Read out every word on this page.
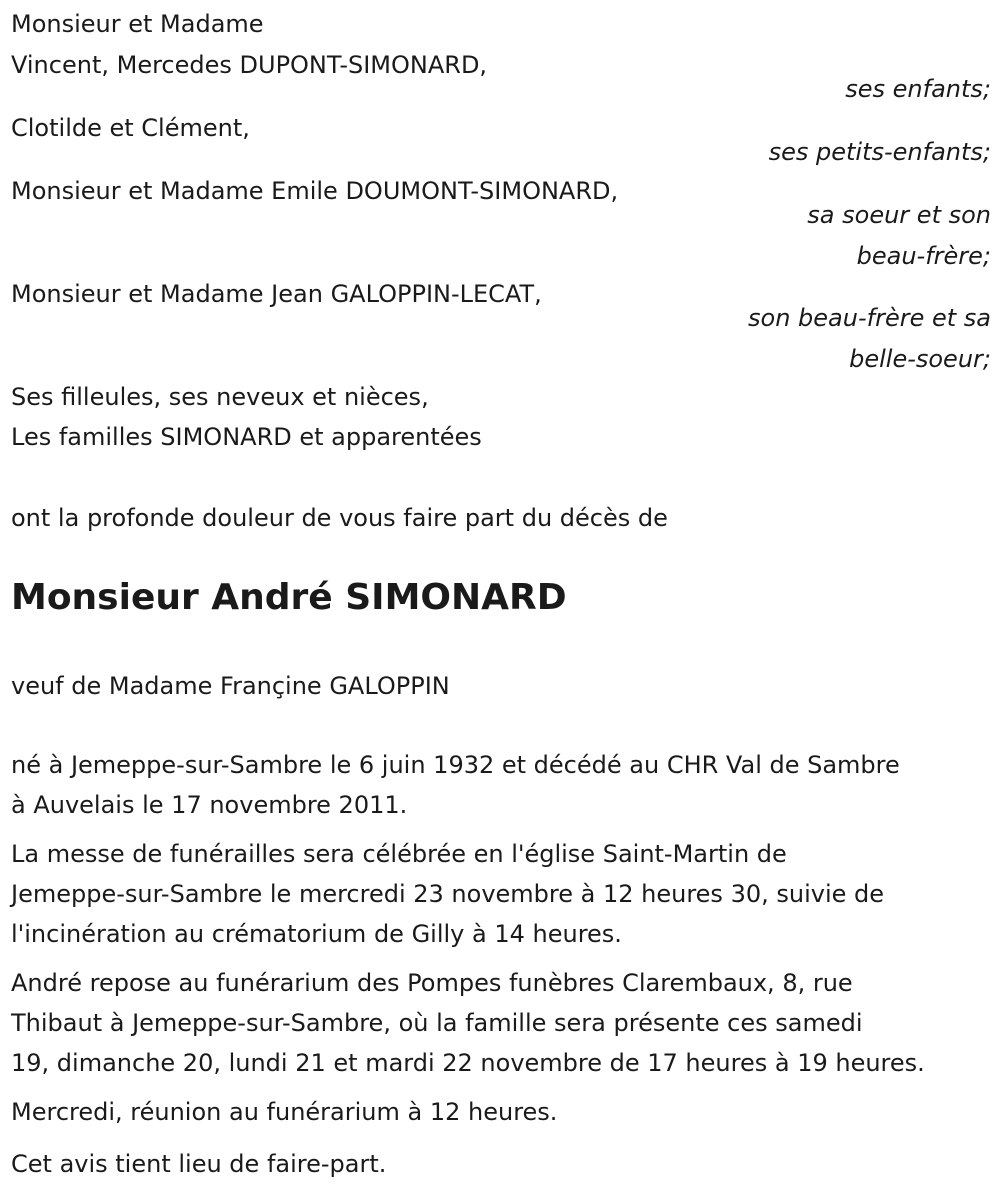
Monsieur et Madame
Vincent, Mercedes DUPONT-SIMONARD,
ses enfants;
Clotilde et Clément,
ses petits-enfants;
Monsieur et Madame Emile DOUMONT-SIMONARD,
sa soeur et son
beau-frère;
Monsieur et Madame Jean GALOPPIN-LECAT,
son beau-frère et sa
belle-soeur;
Ses filleules, ses neveux et nièces,
Les familles SIMONARD et apparentées
ont la profonde douleur de vous faire part du décès de
Monsieur André SIMONARD
veuf de Madame Françine GALOPPIN
né à Jemeppe-sur-Sambre le 6 juin 1932 et décédé au CHR Val de Sambre
à Auvelais le 17 novembre 2011.
La messe de funérailles sera célébrée en l'église Saint-Martin de
Jemeppe-sur-Sambre le mercredi 23 novembre à 12 heures 30, suivie de
l'incinération au crématorium de Gilly à 14 heures.
André repose au funérarium des Pompes funèbres Clarembaux, 8, rue
Thibaut à Jemeppe-sur-Sambre, où la famille sera présente ces samedi
19, dimanche 20, lundi 21 et mardi 22 novembre de 17 heures à 19 heures.
Mercredi, réunion au funérarium à 12 heures.
Cet avis tient lieu de faire-part.
